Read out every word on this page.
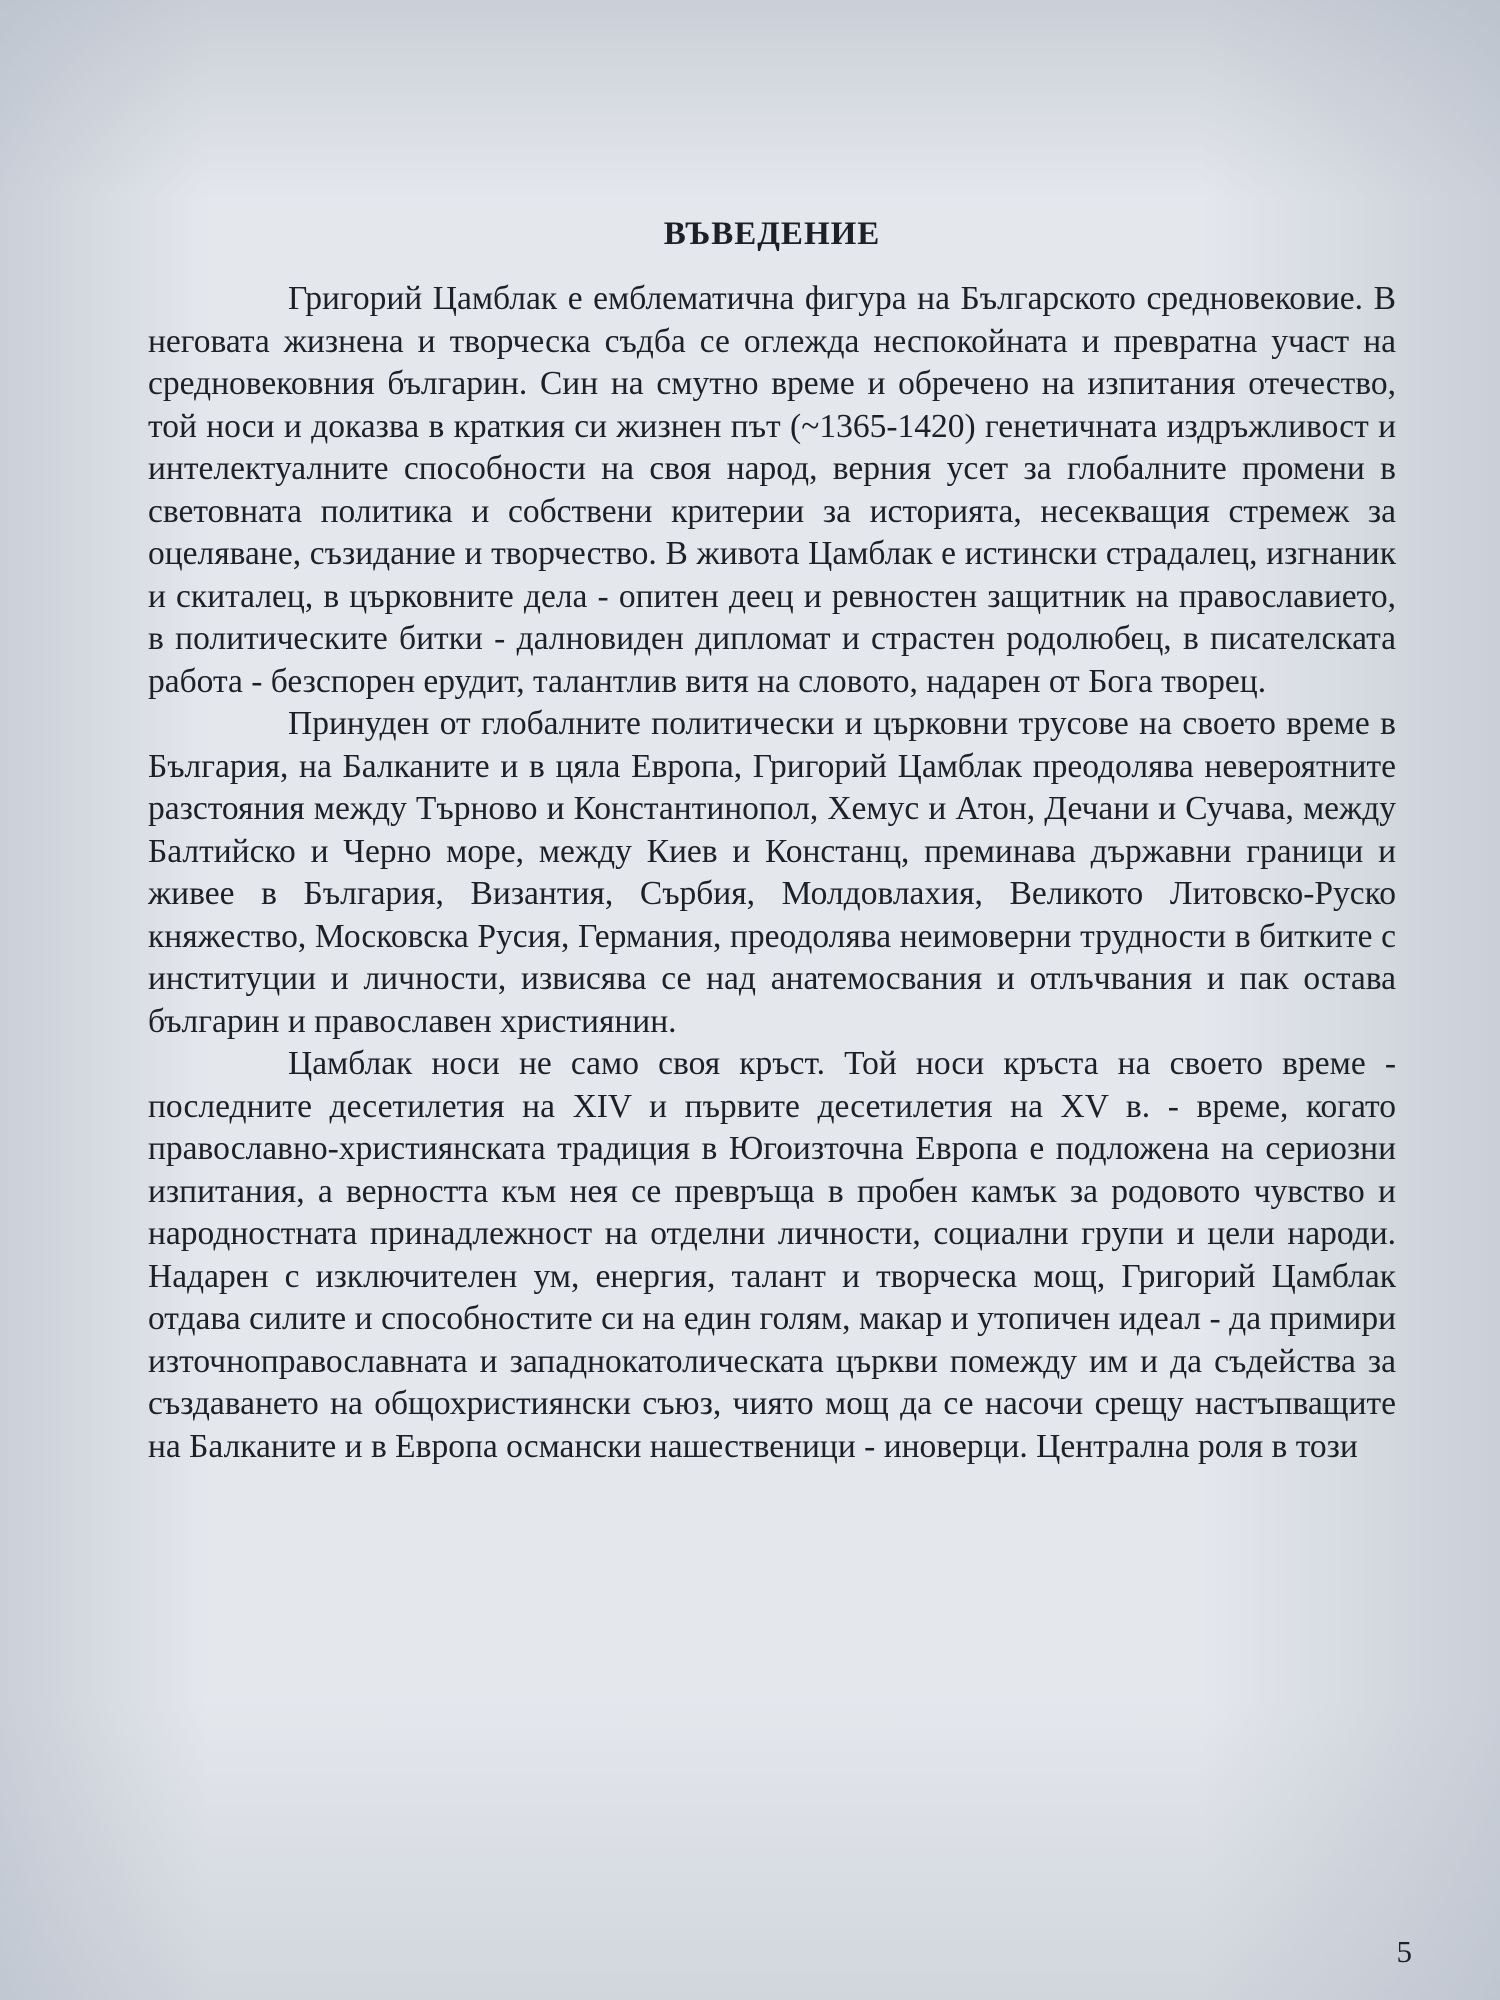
ВЪВЕДЕНИЕ

Григорий Цамблак е емблематична фигура на Българското средновековие. В неговата жизнена и творческа съдба се оглежда неспокойната и превратна участ на средновековния българин. Син на смутно време и обречено на изпитания отечество, той носи и доказва в краткия си жизнен път (~1365-1420) генетичната издръжливост и интелектуалните способности на своя народ, верния усет за глобалните промени в световната политика и собствени критерии за историята, несекващия стремеж за оцеляване, съзидание и творчество. В живота Цамблак е истински страдалец, изгнаник и скиталец, в църковните дела - опитен деец и ревностен защитник на православието, в политическите битки - далновиден дипломат и страстен родолюбец, в писателската работа - безспорен ерудит, талантлив витя на словото, надарен от Бога творец.

Принуден от глобалните политически и църковни трусове на своето време в България, на Балканите и в цяла Европа, Григорий Цамблак преодолява невероятните разстояния между Търново и Константинопол, Хемус и Атон, Дечани и Сучава, между Балтийско и Черно море, между Киев и Констанц, преминава държавни граници и живее в България, Византия, Сърбия, Молдовлахия, Великото Литовско-Руско княжество, Московска Русия, Германия, преодолява неимоверни трудности в битките с институции и личности, извисява се над анатемосвания и отлъчвания и пак остава българин и православен християнин.

Цамблак носи не само своя кръст. Той носи кръста на своето време - последните десетилетия на XIV и първите десетилетия на XV в. - време, когато православно-християнската традиция в Югоизточна Европа е подложена на сериозни изпитания, а верността към нея се превръща в пробен камък за родовото чувство и народностната принадлежност на отделни личности, социални групи и цели народи. Надарен с изключителен ум, енергия, талант и творческа мощ, Григорий Цамблак отдава силите и способностите си на един голям, макар и утопичен идеал - да примири източноправославната и западнокатолическата църкви помежду им и да съдейства за създаването на общохристиянски съюз, чиято мощ да се насочи срещу настъпващите на Балканите и в Европа османски нашественици - иноверци. Централна роля в този

5
